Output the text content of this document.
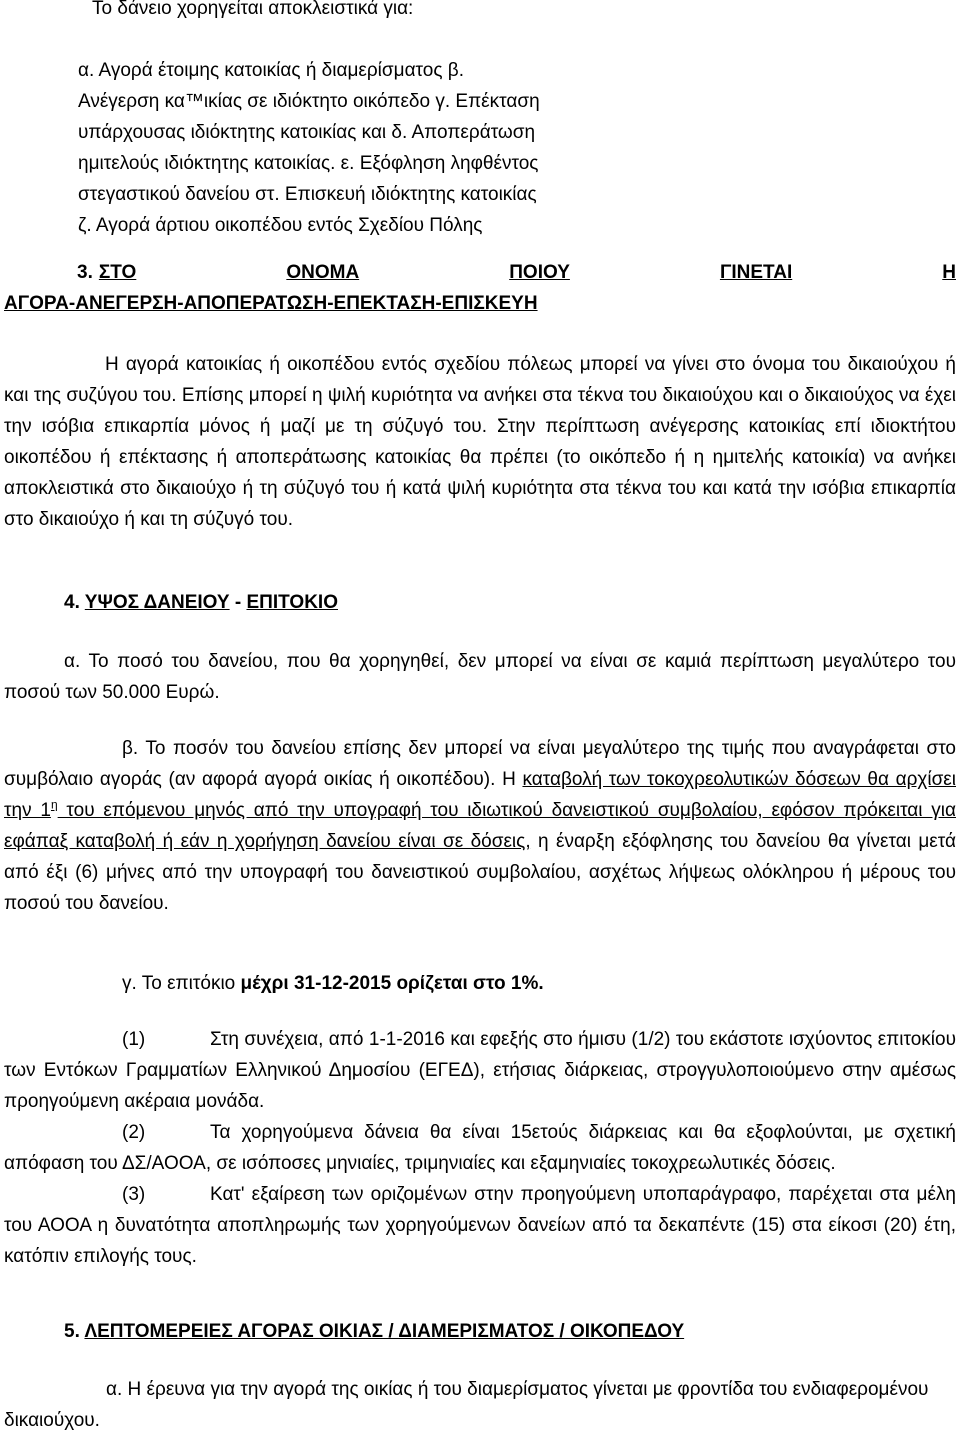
Το δάνειο χορηγείται αποκλειστικά για:

α. Αγορά έτοιμης κατοικίας ή διαμερίσματος β.
Ανέγερση κα™ικίας σε ιδιόκτητο οικόπεδο γ. Επέκταση
υπάρχουσας ιδιόκτητης κατοικίας και δ. Αποπεράτωση
ημιτελούς ιδιόκτητης κατοικίας. ε. Εξόφληση ληφθέντος
στεγαστικού δανείου στ. Επισκευή ιδιόκτητης κατοικίας
ζ. Αγορά άρτιου οικοπέδου εντός Σχεδίου Πόλης
3. ΣΤΟ	ΟΝΟΜΑ	ΠΟΙΟΥ	ΓΙΝΕΤΑΙ	Η
ΑΓΟΡΑ-ΑΝΕΓΕΡΣΗ-ΑΠΟΠΕΡΑΤΩΣΗ-ΕΠΕΚΤΑΣΗ-ΕΠΙΣΚΕΥΗ

Η αγορά κατοικίας ή οικοπέδου εντός σχεδίου πόλεως μπορεί να γίνει στο όνομα του δικαιούχου ή και της συζύγου του. Επίσης μπορεί η ψιλή κυριότητα να ανήκει στα τέκνα του δικαιούχου και ο δικαιούχος να έχει την ισόβια επικαρπία μόνος ή μαζί με τη σύζυγό του. Στην περίπτωση ανέγερσης κατοικίας επί ιδιοκτήτου οικοπέδου ή επέκτασης ή αποπεράτωσης κατοικίας θα πρέπει (το οικόπεδο ή η ημιτελής κατοικία) να ανήκει αποκλειστικά στο δικαιούχο ή τη σύζυγό του ή κατά ψιλή κυριότητα στα τέκνα του και κατά την ισόβια επικαρπία στο δικαιούχο ή και τη σύζυγό του.

4. ΥΨΟΣ ΔΑΝΕΙΟΥ - ΕΠΙΤΟΚΙΟ

α. Το ποσό του δανείου, που θα χορηγηθεί, δεν μπορεί να είναι σε καμιά περίπτωση μεγαλύτερο του ποσού των 50.000 Ευρώ.

β. Το ποσόν του δανείου επίσης δεν μπορεί να είναι μεγαλύτερο της τιμής που αναγράφεται στο συμβόλαιο αγοράς (αν αφορά αγορά οικίας ή οικοπέδου). Η καταβολή των τοκοχρεολυτικών δόσεων θα αρχίσει την $1^\eta$ του επόμενου μηνός από την υπογραφή του ιδιωτικού δανειστικού συμβολαίου, εφόσον πρόκειται για εφάπαξ καταβολή ή εάν η χορήγηση δανείου είναι σε δόσεις, η έναρξη εξόφλησης του δανείου θα γίνεται μετά από έξι (6) μήνες από την υπογραφή του δανειστικού συμβολαίου, ασχέτως λήψεως ολόκληρου ή μέρους του ποσού του δανείου.

γ. Το επιτόκιο μέχρι 31-12-2015 ορίζεται στο 1%.

(1)	Στη συνέχεια, από 1-1-2016 και εφεξής στο ήμισυ (1/2) του εκάστοτε ισχύοντος επιτοκίου των Εντόκων Γραμματίων Ελληνικού Δημοσίου (ΕΓΕΔ), ετήσιας διάρκειας, στρογγυλοποιούμενο στην αμέσως προηγούμενη ακέραια μονάδα.

(2)	Τα χορηγούμενα δάνεια θα είναι 15ετούς διάρκειας και θα εξοφλούνται, με σχετική απόφαση του ΔΣ/ΑΟΟΑ, σε ισόποσες μηνιαίες, τριμηνιαίες και εξαμηνιαίες τοκοχρεωλυτικές δόσεις.

(3)	Κατ' εξαίρεση των οριζομένων στην προηγούμενη υποπαράγραφο, παρέχεται στα μέλη του ΑΟΟΑ η δυνατότητα αποπληρωμής των χορηγούμενων δανείων από τα δεκαπέντε (15) στα είκοσι (20) έτη, κατόπιν επιλογής τους.

5. ΛΕΠΤΟΜΕΡΕΙΕΣ ΑΓΟΡΑΣ ΟΙΚΙΑΣ / ΔΙΑΜΕΡΙΣΜΑΤΟΣ / ΟΙΚΟΠΕΔΟΥ

α. Η έρευνα για την αγορά της οικίας ή του διαμερίσματος γίνεται με φροντίδα του ενδιαφερομένου δικαιούχου.
